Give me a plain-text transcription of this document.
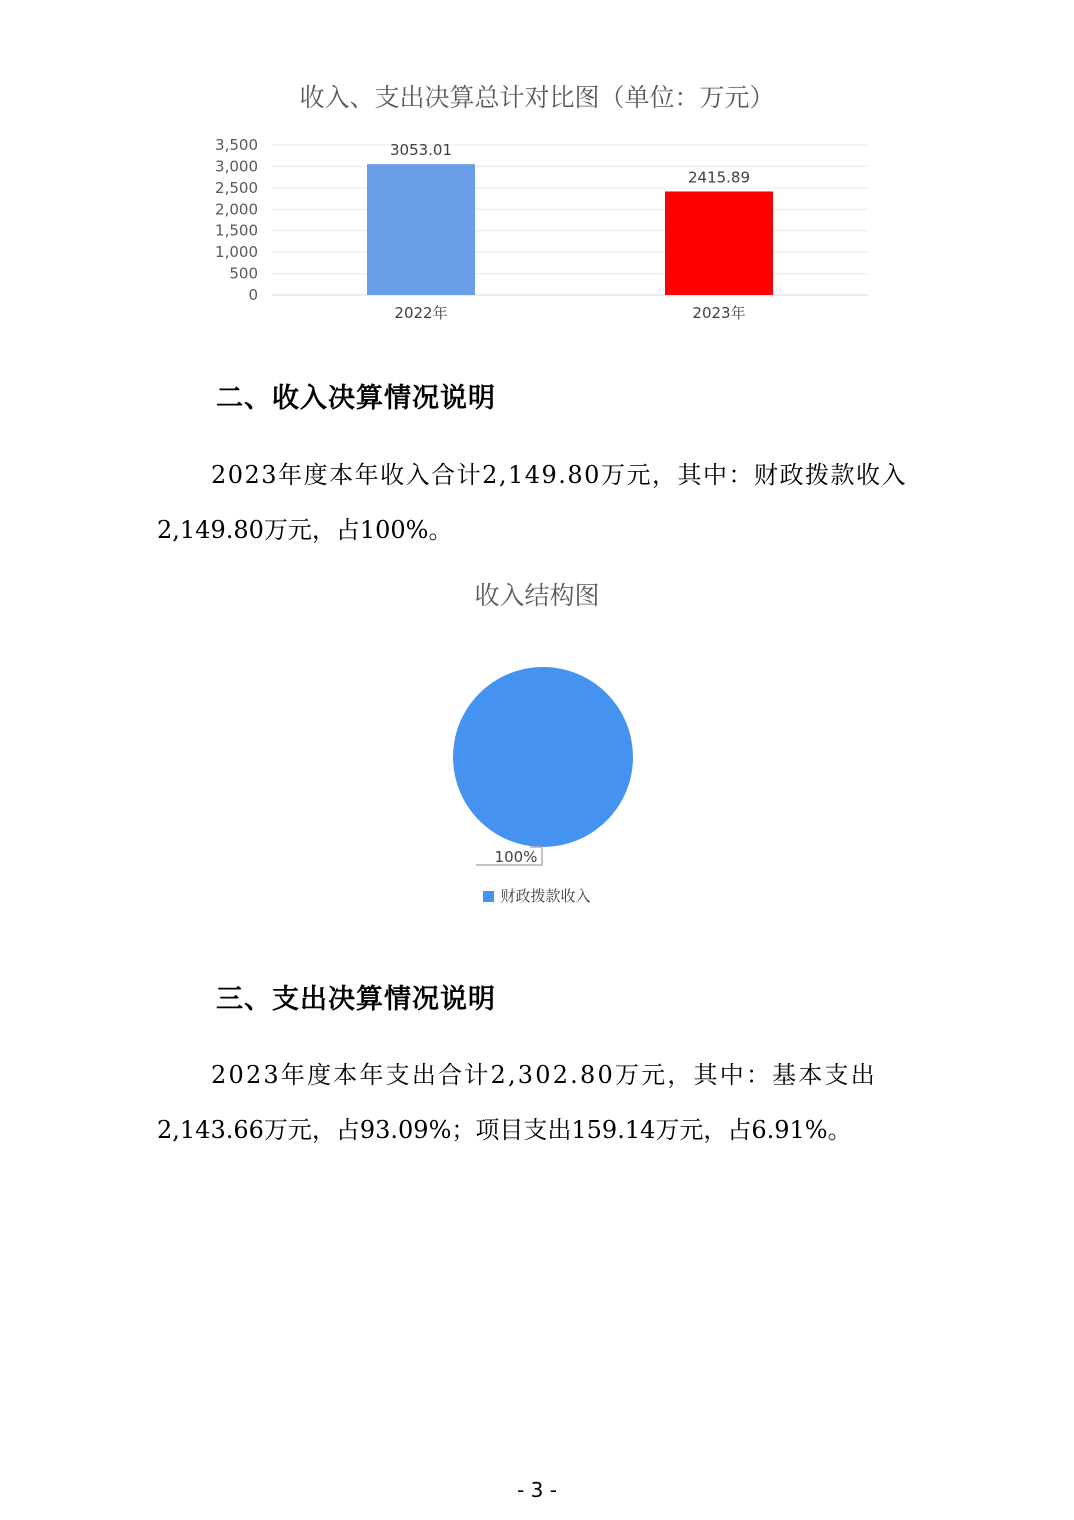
收入、支出决算总计对比图（单位：万元）
0
500
1,000
1,500
2,000
2,500
3,000
3,500	3053.01
2415.89
2022年	2023年
二、收入决算情况说明
2023年度本年收入合计2,149.80万元，其中：财政拨款收入
2,149.80万元，占100%。
收入结构图
100%
财政拨款收入
三、支出决算情况说明
2023年度本年支出合计2,302.80万元，其中：基本支出
2,143.66万元，占93.09%；项目支出159.14万元，占6.91%。
- 3 -
